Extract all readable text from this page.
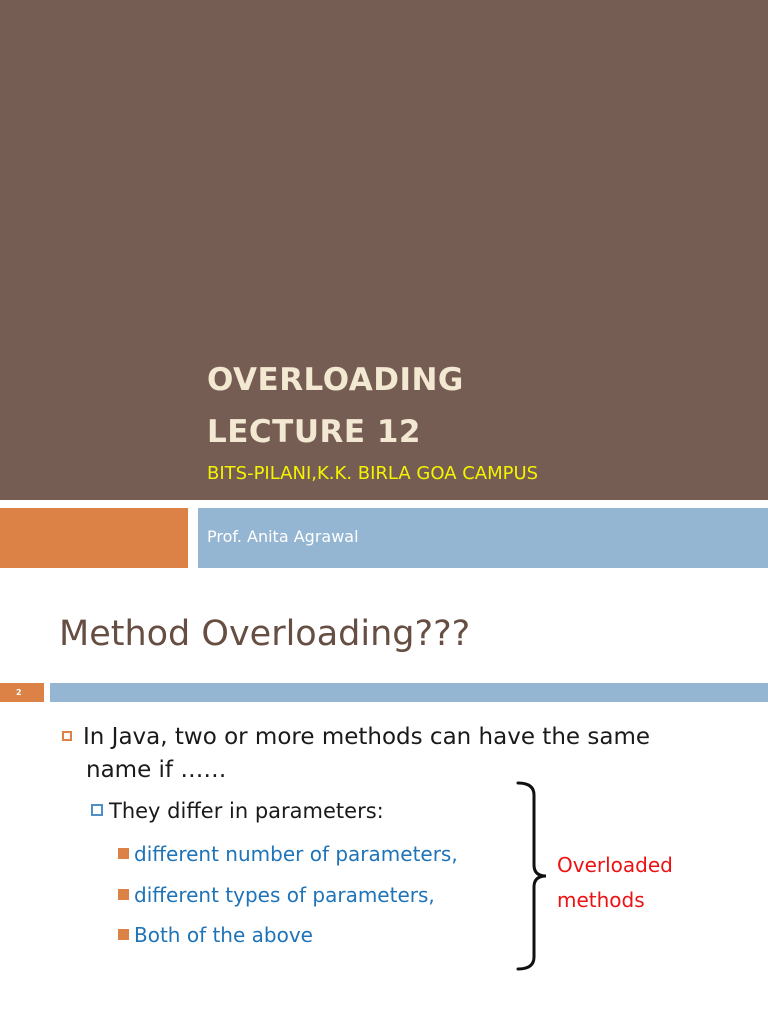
OVERLOADING
LECTURE 12
BITS-PILANI,K.K. BIRLA GOA CAMPUS
Prof. Anita Agrawal
Method Overloading???
2
In Java, two or more methods can have the same
name if ……
They differ in parameters:
different number of parameters,
different types of parameters,
Both of the above
Overloaded
methods
